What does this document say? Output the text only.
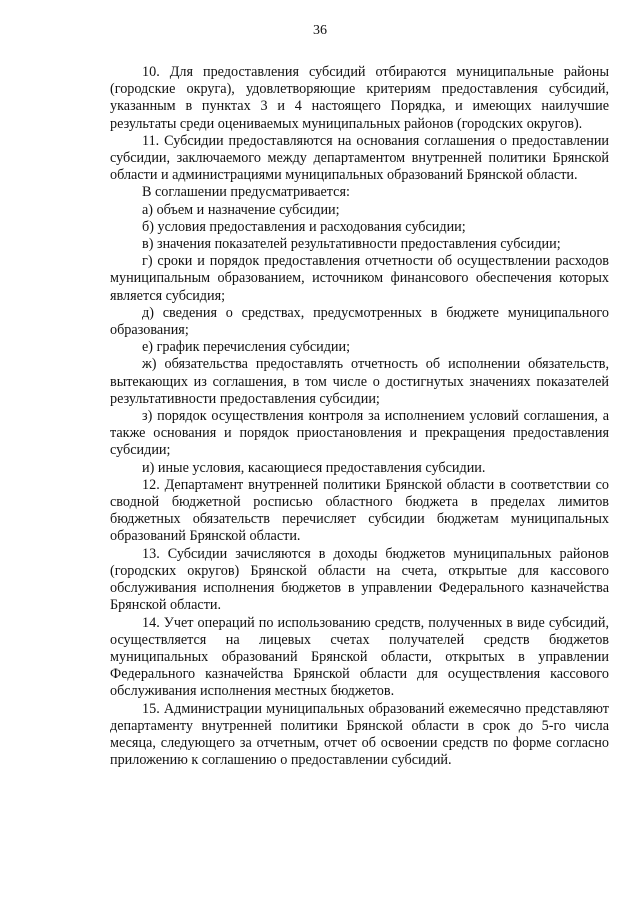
36

10. Для предоставления субсидий отбираются муниципальные районы (городские округа), удовлетворяющие критериям предоставления субсидий, указанным в пунктах 3 и 4 настоящего Порядка, и имеющих наилучшие результаты среди оцениваемых муниципальных районов (городских округов).

11. Субсидии предоставляются на основания соглашения о предоставлении субсидии, заключаемого между департаментом внутренней политики Брянской области и администрациями муниципальных образований Брянской области.

В соглашении предусматривается:

а) объем и назначение субсидии;

б) условия предоставления и расходования субсидии;

в) значения показателей результативности предоставления субсидии;

г) сроки и порядок предоставления отчетности об осуществлении расходов муниципальным образованием, источником финансового обеспечения которых является субсидия;

д) сведения о средствах, предусмотренных в бюджете муниципального образования;

е) график перечисления субсидии;

ж) обязательства предоставлять отчетность об исполнении обязательств, вытекающих из соглашения, в том числе о достигнутых значениях показателей результативности предоставления субсидии;

з) порядок осуществления контроля за исполнением условий соглашения, а также основания и порядок приостановления и прекращения предоставления субсидии;

и) иные условия, касающиеся предоставления субсидии.

12. Департамент внутренней политики Брянской области в соответствии со сводной бюджетной росписью областного бюджета в пределах лимитов бюджетных обязательств перечисляет субсидии бюджетам муниципальных образований Брянской области.

13. Субсидии зачисляются в доходы бюджетов муниципальных районов (городских округов) Брянской области на счета, открытые для кассового обслуживания исполнения бюджетов в управлении Федерального казначейства Брянской области.

14. Учет операций по использованию средств, полученных в виде субсидий, осуществляется на лицевых счетах получателей средств бюджетов муниципальных образований Брянской области, открытых в управлении Федерального казначейства Брянской области для осуществления кассового обслуживания исполнения местных бюджетов.

15. Администрации муниципальных образований ежемесячно представляют департаменту внутренней политики Брянской области в срок до 5-го числа месяца, следующего за отчетным, отчет об освоении средств по форме согласно приложению к соглашению о предоставлении субсидий.
